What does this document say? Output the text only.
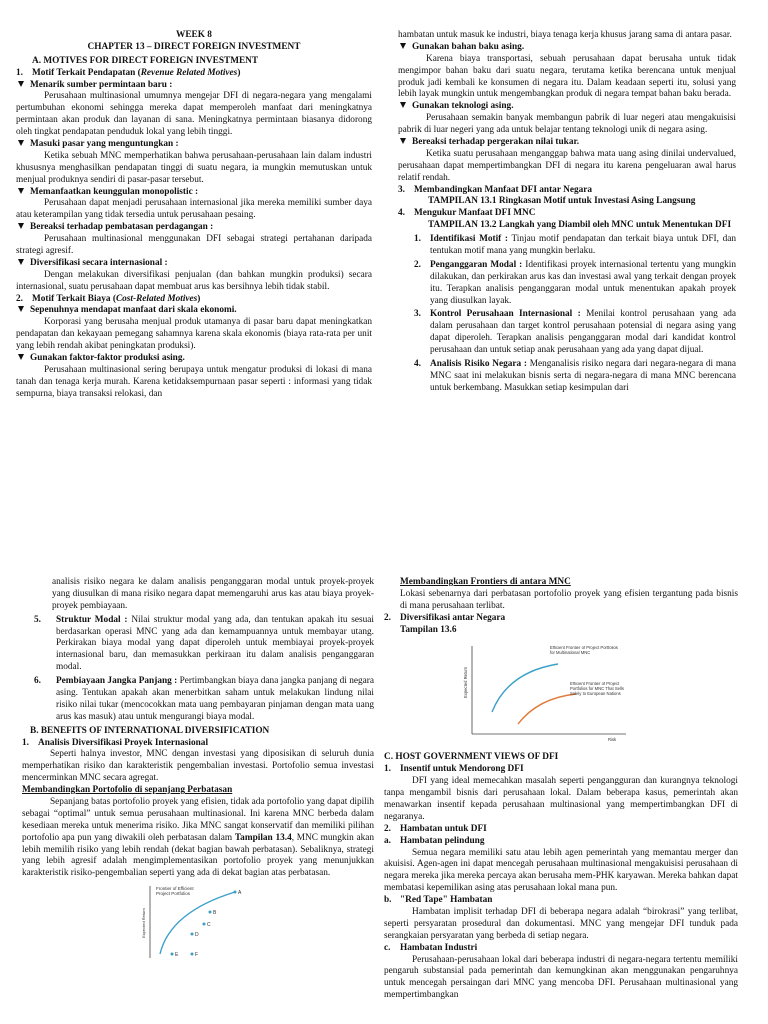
WEEK 8

CHAPTER 13 – DIRECT FOREIGN INVESTMENT

A. MOTIVES FOR DIRECT FOREIGN INVESTMENT

1. Motif Terkait Pendapatan (Revenue Related Motives)
Menarik sumber permintaan baru :

Perusahaan multinasional umumnya mengejar DFI di negara-negara yang mengalami pertumbuhan ekonomi sehingga mereka dapat memperoleh manfaat dari meningkatnya permintaan akan produk dan layanan di sana. Meningkatnya permintaan biasanya didorong oleh tingkat pendapatan penduduk lokal yang lebih tinggi.

Masuki pasar yang menguntungkan :

Ketika sebuah MNC memperhatikan bahwa perusahaan-perusahaan lain dalam industri khususnya menghasilkan pendapatan tinggi di suatu negara, ia mungkin memutuskan untuk menjual produknya sendiri di pasar-pasar tersebut.

Memanfaatkan keunggulan monopolistic :

Perusahaan dapat menjadi perusahaan internasional jika mereka memiliki sumber daya atau keterampilan yang tidak tersedia untuk perusahaan pesaing.

Bereaksi terhadap pembatasan perdagangan :

Perusahaan multinasional menggunakan DFI sebagai strategi pertahanan daripada strategi agresif.

Diversifikasi secara internasional :

Dengan melakukan diversifikasi penjualan (dan bahkan mungkin produksi) secara internasional, suatu perusahaan dapat membuat arus kas bersihnya lebih tidak stabil.

2. Motif Terkait Biaya (Cost-Related Motives)
Sepenuhnya mendapat manfaat dari skala ekonomi.

Korporasi yang berusaha menjual produk utamanya di pasar baru dapat meningkatkan pendapatan dan kekayaan pemegang sahamnya karena skala ekonomis (biaya rata-rata per unit yang lebih rendah akibat peningkatan produksi).

Gunakan faktor-faktor produksi asing.

Perusahaan multinasional sering berupaya untuk mengatur produksi di lokasi di mana tanah dan tenaga kerja murah. Karena ketidaksempurnaan pasar seperti : informasi yang tidak sempurna, biaya transaksi relokasi, dan

hambatan untuk masuk ke industri, biaya tenaga kerja khusus jarang sama di antara pasar.

Gunakan bahan baku asing.

Karena biaya transportasi, sebuah perusahaan dapat berusaha untuk tidak mengimpor bahan baku dari suatu negara, terutama ketika berencana untuk menjual produk jadi kembali ke konsumen di negara itu. Dalam keadaan seperti itu, solusi yang lebih layak mungkin untuk mengembangkan produk di negara tempat bahan baku berada.

Gunakan teknologi asing.

Perusahaan semakin banyak membangun pabrik di luar negeri atau mengakuisisi pabrik di luar negeri yang ada untuk belajar tentang teknologi unik di negara asing.

Bereaksi terhadap pergerakan nilai tukar.

Ketika suatu perusahaan menganggap bahwa mata uang asing dinilai undervalued, perusahaan dapat mempertimbangkan DFI di negara itu karena pengeluaran awal harus relatif rendah.

3. Membandingkan Manfaat DFI antar Negara

TAMPILAN 13.1 Ringkasan Motif untuk Investasi Asing Langsung

4. Mengukur Manfaat DFI MNC

TAMPILAN 13.2 Langkah yang Diambil oleh MNC untuk Menentukan DFI

1. Identifikasi Motif : Tinjau motif pendapatan dan terkait biaya untuk DFI, dan tentukan motif mana yang mungkin berlaku.

2. Penganggaran Modal : Identifikasi proyek internasional tertentu yang mungkin dilakukan, dan perkirakan arus kas dan investasi awal yang terkait dengan proyek itu. Terapkan analisis penganggaran modal untuk menentukan apakah proyek yang diusulkan layak.

3. Kontrol Perusahaan Internasional : Menilai kontrol perusahaan yang ada dalam perusahaan dan target kontrol perusahaan potensial di negara asing yang dapat diperoleh. Terapkan analisis penganggaran modal dari kandidat kontrol perusahaan dan untuk setiap anak perusahaan yang ada yang dapat dijual.

4. Analisis Risiko Negara : Menganalisis risiko negara dari negara-negara di mana MNC saat ini melakukan bisnis serta di negara-negara di mana MNC berencana untuk berkembang. Masukkan setiap kesimpulan dari

analisis risiko negara ke dalam analisis penganggaran modal untuk proyek-proyek yang diusulkan di mana risiko negara dapat memengaruhi arus kas atau biaya proyek-proyek pembiayaan.

5.	Struktur Modal : Nilai struktur modal yang ada, dan tentukan apakah itu sesuai berdasarkan operasi MNC yang ada dan kemampuannya untuk membayar utang. Perkirakan biaya modal yang dapat diperoleh untuk membiayai proyek-proyek internasional baru, dan memasukkan perkiraan itu dalam analisis penganggaran modal.

6.	Pembiayaan Jangka Panjang : Pertimbangkan biaya dana jangka panjang di negara asing. Tentukan apakah akan menerbitkan saham untuk melakukan lindung nilai risiko nilai tukar (mencocokkan mata uang pembayaran pinjaman dengan mata uang arus kas masuk) atau untuk mengurangi biaya modal.

B. BENEFITS OF INTERNATIONAL DIVERSIFICATION

1. Analisis Diversifikasi Proyek Internasional

Seperti halnya investor, MNC dengan investasi yang diposisikan di seluruh dunia memperhatikan risiko dan karakteristik pengembalian investasi. Portofolio semua investasi mencerminkan MNC secara agregat.

Membandingkan Portofolio di sepanjang Perbatasan

Sepanjang batas portofolio proyek yang efisien, tidak ada portofolio yang dapat dipilih sebagai “optimal” untuk semua perusahaan multinasional. Ini karena MNC berbeda dalam kesediaan mereka untuk menerima risiko. Jika MNC sangat konservatif dan memiliki pilihan portofolio apa pun yang diwakili oleh perbatasan dalam Tampilan 13.4, MNC mungkin akan lebih memilih risiko yang lebih rendah (dekat bagian bawah perbatasan). Sebaliknya, strategi yang lebih agresif adalah mengimplementasikan portofolio proyek yang menunjukkan karakteristik risiko-pengembalian seperti yang ada di dekat bagian atas perbatasan.

Frontier of Efficient
Project Portfolios
Expected Return
A
B
C
D
E	F

Membandingkan Frontiers di antara MNC

Lokasi sebenarnya dari perbatasan portofolio proyek yang efisien tergantung pada bisnis di mana perusahaan terlibat.

2. Diversifikasi antar Negara

Tampilan 13.6

Expected Return
Risk
Efficient Frontier of Project Portfolios for Multinational MNC
Efficient Frontier of Project Portfolios for MNC That Sells Solely to European Nations

C. HOST GOVERNMENT VIEWS OF DFI

1. Insentif untuk Mendorong DFI

DFI yang ideal memecahkan masalah seperti pengangguran dan kurangnya teknologi tanpa mengambil bisnis dari perusahaan lokal. Dalam beberapa kasus, pemerintah akan menawarkan insentif kepada perusahaan multinasional yang mempertimbangkan DFI di negaranya.

2. Hambatan untuk DFI
a. Hambatan pelindung

Semua negara memiliki satu atau lebih agen pemerintah yang memantau merger dan akuisisi. Agen-agen ini dapat mencegah perusahaan multinasional mengakuisisi perusahaan di negara mereka jika mereka percaya akan berusaha mem-PHK karyawan. Mereka bahkan dapat membatasi kepemilikan asing atas perusahaan lokal mana pun.

b. "Red Tape" Hambatan

Hambatan implisit terhadap DFI di beberapa negara adalah “birokrasi” yang terlibat, seperti persyaratan prosedural dan dokumentasi. MNC yang mengejar DFI tunduk pada serangkaian persyaratan yang berbeda di setiap negara.

c.	Hambatan Industri

Perusahaan-perusahaan lokal dari beberapa industri di negara-negara tertentu memiliki pengaruh substansial pada pemerintah dan kemungkinan akan menggunakan pengaruhnya untuk mencegah persaingan dari MNC yang mencoba DFI. Perusahaan multinasional yang mempertimbangkan
